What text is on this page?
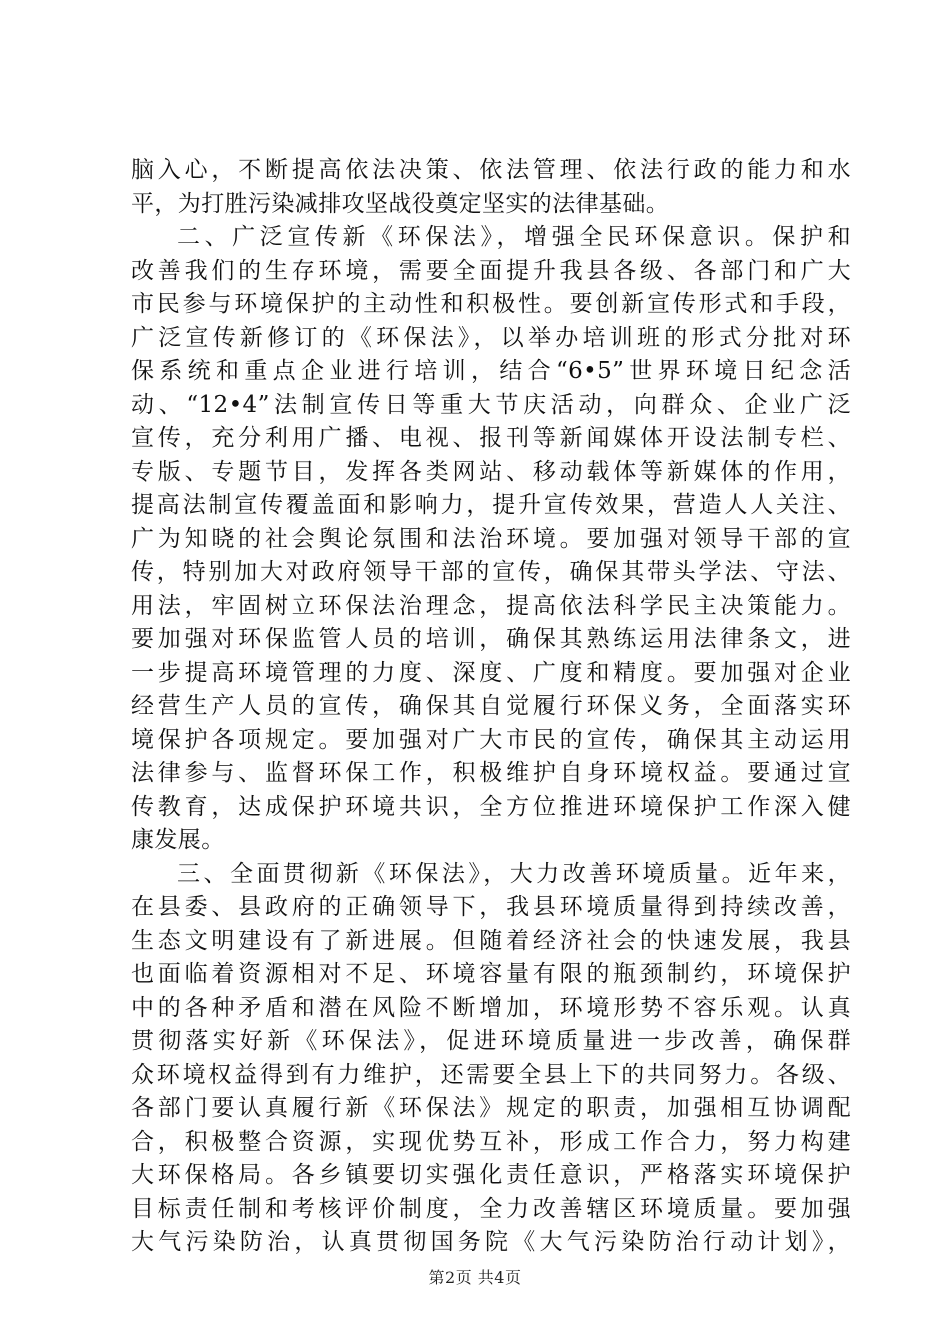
脑入心，不断提高依法决策、依法管理、依法行政的能力和水
平，为打胜污染减排攻坚战役奠定坚实的法律基础。
二、广泛宣传新《环保法》，增强全民环保意识。保护和
改善我们的生存环境，需要全面提升我县各级、各部门和广大
市民参与环境保护的主动性和积极性。要创新宣传形式和手段，
广泛宣传新修订的《环保法》，以举办培训班的形式分批对环
保系统和重点企业进行培训，结合“6•5”世界环境日纪念活
动、“12•4”法制宣传日等重大节庆活动，向群众、企业广泛
宣传，充分利用广播、电视、报刊等新闻媒体开设法制专栏、
专版、专题节目，发挥各类网站、移动载体等新媒体的作用，
提高法制宣传覆盖面和影响力，提升宣传效果，营造人人关注、
广为知晓的社会舆论氛围和法治环境。要加强对领导干部的宣
传，特别加大对政府领导干部的宣传，确保其带头学法、守法、
用法，牢固树立环保法治理念，提高依法科学民主决策能力。
要加强对环保监管人员的培训，确保其熟练运用法律条文，进
一步提高环境管理的力度、深度、广度和精度。要加强对企业
经营生产人员的宣传，确保其自觉履行环保义务，全面落实环
境保护各项规定。要加强对广大市民的宣传，确保其主动运用
法律参与、监督环保工作，积极维护自身环境权益。要通过宣
传教育，达成保护环境共识，全方位推进环境保护工作深入健
康发展。
三、全面贯彻新《环保法》，大力改善环境质量。近年来，
在县委、县政府的正确领导下，我县环境质量得到持续改善，
生态文明建设有了新进展。但随着经济社会的快速发展，我县
也面临着资源相对不足、环境容量有限的瓶颈制约，环境保护
中的各种矛盾和潜在风险不断增加，环境形势不容乐观。认真
贯彻落实好新《环保法》，促进环境质量进一步改善，确保群
众环境权益得到有力维护，还需要全县上下的共同努力。各级、
各部门要认真履行新《环保法》规定的职责，加强相互协调配
合，积极整合资源，实现优势互补，形成工作合力，努力构建
大环保格局。各乡镇要切实强化责任意识，严格落实环境保护
目标责任制和考核评价制度，全力改善辖区环境质量。要加强
大气污染防治，认真贯彻国务院《大气污染防治行动计划》，
第2页 共4页
